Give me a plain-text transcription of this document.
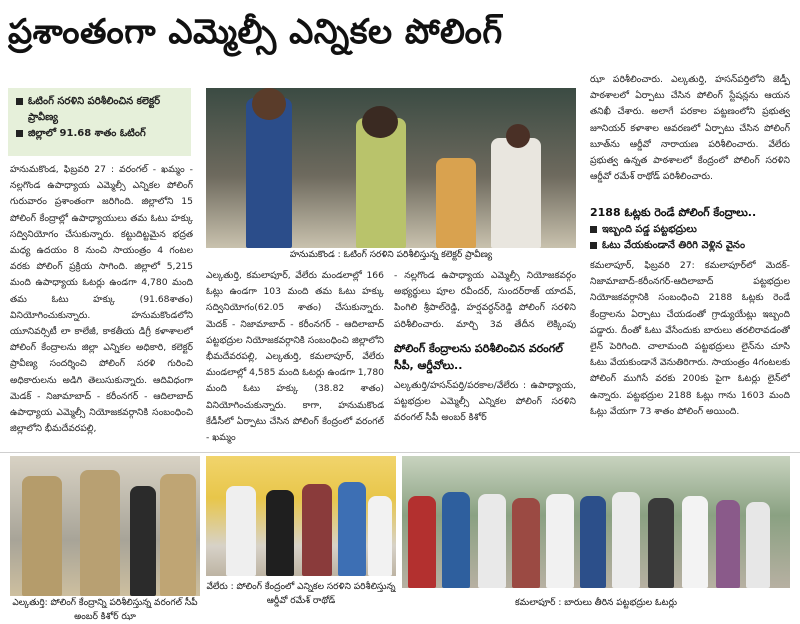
ప్రశాంతంగా ఎమ్మెల్సీ ఎన్నికల పోలింగ్
ఓటింగ్ సరళిని పరిశీలించిన కలెక్టర్ ప్రావీణ్య
జిల్లాలో 91.68 శాతం ఓటింగ్
హనుమకొండ, ఫిబ్రవరి 27 : వరంగల్ - ఖమ్మం - నల్లగొండ ఉపాధ్యాయ ఎమ్మెల్సీ ఎన్నికల పోలింగ్ గురువారం ప్రశాంతంగా జరిగింది. జిల్లాలోని 15 పోలింగ్ కేంద్రాల్లో ఉపాధ్యాయులు తమ ఓటు హక్కు సద్వినియోగం చేసుకున్నారు. కట్టుదిట్టమైన భద్రత మధ్య ఉదయం 8 నుంచి సాయంత్రం 4 గంటల వరకు పోలింగ్ ప్రక్రియ సాగింది. జిల్లాలో 5,215 మంది ఉపాధ్యాయ ఓటర్లు ఉండగా 4,780 మంది తమ ఓటు హక్కు (91.68శాతం) వినియోగించుకున్నారు. హనుమకొండలోని యూనివర్సిటీ లా కాలేజీ, కాకతీయ డిగ్రీ కళాశాలలో పోలింగ్ కేంద్రాలను జిల్లా ఎన్నికల అధికారి, కలెక్టర్ ప్రావీణ్య సందర్శించి పోలింగ్ సరళి గురించి అధికారులను అడిగి తెలుసుకున్నారు. ఆదివిధంగా మెడక్ - నిజామాబాద్ - కరీంనగర్ - ఆదిలాబాద్ ఉపాధ్యాయ ఎమ్మెల్సీ నియోజకవర్గానికి సంబంధించి జిల్లాలోని భీమదేవరపల్లి,
హనుమకొండ : ఓటింగ్ సరళిని పరిశీలిస్తున్న కలెక్టర్ ప్రావీణ్య
ఎల్కతుర్తి, కమలాపూర్, వేలేరు మండలాల్లో 166 ఓట్లు ఉండగా 103 మంది తమ ఓటు హక్కు సద్వినియోగం(62.05 శాతం) చేసుకున్నారు. మెదక్ - నిజామాబాద్ - కరీంనగర్ - ఆదిలాబాద్ పట్టభద్రుల నియోజకవర్గానికి సంబంధించి జిల్లాలోని భీమదేవరపల్లి, ఎల్కతుర్తి, కమలాపూర్, వేలేరు మండలాల్లో 4,585 మంది ఓటర్లు ఉండగా 1,780 మంది ఓటు హక్కు (38.82 శాతం) వినియోగించుకున్నారు. కాగా, హనుమకొండ కేడీసీలో ఏర్పాటు చేసిన పోలింగ్ కేంద్రంలో వరంగల్ - ఖమ్మం
- నల్లగొండ ఉపాధ్యాయ ఎమ్మెల్సీ నియోజకవర్గం అభ్యర్థులు పూల రవీందర్, సుందర్‌రాజ్ యాదవ్, పింగిలి శ్రీపాల్‌రెడ్డి, హర్షవర్ధన్‌రెడ్డి పోలింగ్ సరళిని పరిశీలించారు. మార్చి 3వ తేదీన లెక్కింపు
పోలింగ్ కేంద్రాలను పరిశీలించిన వరంగల్ సీపీ, ఆర్డీవోలు..
ఎల్కతుర్తి/హసన్‌పర్తి/పరకాల/వేలేరు : ఉపాధ్యాయ, పట్టభద్రుల ఎమ్మెల్సీ ఎన్నికల పోలింగ్ సరళిని వరంగల్ సీపీ అంబర్ కిశోర్
ఝా పరిశీలించారు. ఎల్కతుర్తి, హసన్‌పర్తిలోని జెడ్పీ పాఠశాలలో ఏర్పాటు చేసిన పోలింగ్ స్టేషన్లను ఆయన తనిఖీ చేశారు. అలాగే పరకాల పట్టణంలోని ప్రభుత్వ జూనియర్ కళాశాల ఆవరణలో ఏర్పాటు చేసిన పోలింగ్ బూత్‌ను ఆర్డీవో నారాయణ పరిశీలించారు. వేలేరు ప్రభుత్వ ఉన్నత పాఠశాలలో కేంద్రంలో పోలింగ్ సరళిని ఆర్డీవో రమేశ్ రాథోడ్ పరిశీలించారు.
2188 ఓట్లకు రెండే పోలింగ్ కేంద్రాలు..
ఇబ్బంది పడ్డ పట్టభద్రులు
ఓటు వేయకుండానే తిరిగి వెళ్లిన వైనం
కమలాపూర్, ఫిబ్రవరి 27: కమలాపూర్‌లో మెదక్-నిజామాబాద్-కరీంనగర్-ఆదిలాబాద్ పట్టభద్రుల నియోజకవర్గానికి సంబంధించి 2188 ఓట్లకు రెండే కేంద్రాలను ఏర్పాటు చేయడంతో గ్రాడ్యుయేట్లు ఇబ్బంది పడ్డారు. దీంతో ఓటు వేసేందుకు బారులు తరలిరావడంతో లైన్ పెరిగింది. చాలామంది పట్టభద్రులు లైన్‌ను చూసి ఓటు వేయకుండానే వెనుతిరిగారు. సాయంత్రం 4గంటలకు పోలింగ్ ముగిసే వరకు 200కు పైగా ఓటర్లు లైన్‌లో ఉన్నారు. పట్టభద్రుల 2188 ఓట్లు గాను 1603 మంది ఓట్లు వేయగా 73 శాతం పోలింగ్ అయింది.
ఎల్కతుర్తి: పోలింగ్ కేంద్రాన్ని పరిశీలిస్తున్న వరంగల్ సీపీ అంబర్ కిశోర్ ఝా
వేలేరు : పోలింగ్ కేంద్రంలో ఎన్నికల సరళిని పరిశీలిస్తున్న ఆర్డీవో రమేశ్ రాథోడ్	కమలాపూర్ : బారులు తీరిన పట్టభద్రుల ఓటర్లు
